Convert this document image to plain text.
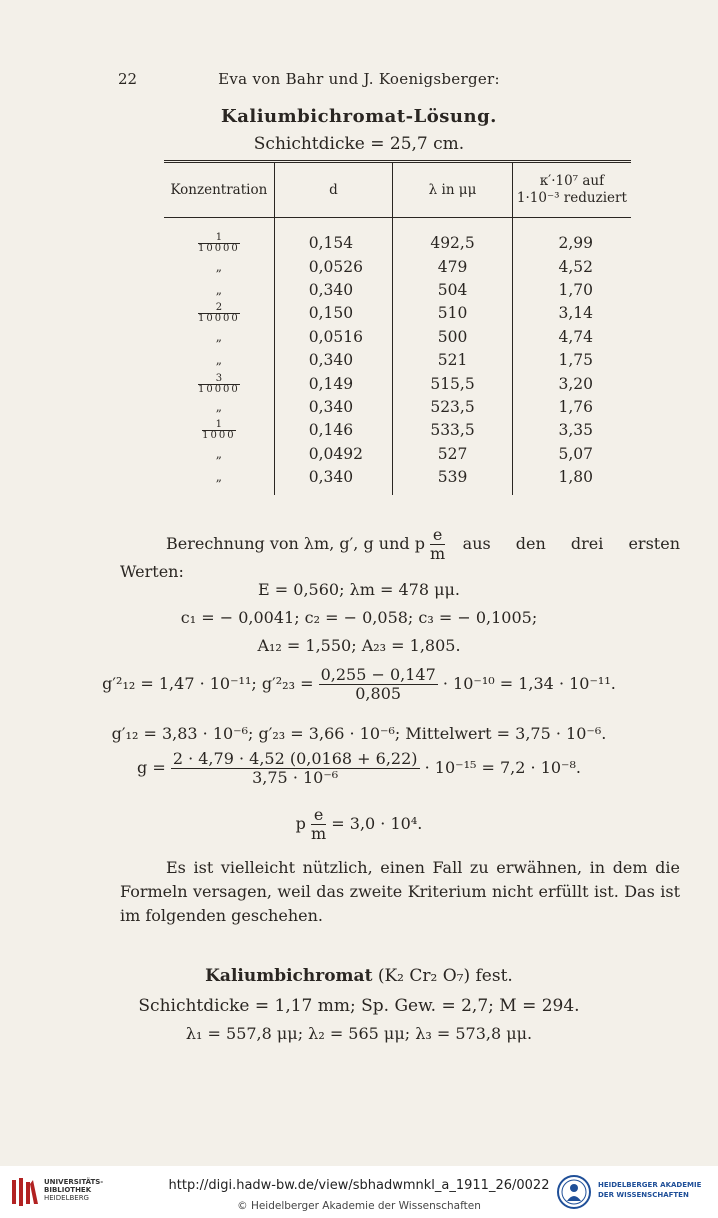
22	Eva von Bahr und J. Koenigsberger:
Kaliumbichromat-Lösung.
Schichtdicke = 25,7 cm.
Konzentration	d	λ in μμ	κ′·10⁷ auf
1·10⁻³ reduziert

$\frac{1}{10000}$	0,154	492,5	2,99
„	0,0526	479	4,52
„	0,340	504	1,70

$\frac{2}{10000}$	0,150	510	3,14
„	0,0516	500	4,74
„	0,340	521	1,75

$\frac{3}{10000}$	0,149	515,5	3,20
„	0,340	523,5	1,76

$\frac{1}{1000}$	0,146	533,5	3,35
„	0,0492	527	5,07
„	0,340	539	1,80
Berechnung von λm, g′, g und p $\frac{e}{m}$ aus den drei ersten
Werten:
E = 0,560; λm = 478 μμ.
c₁ = − 0,0041; c₂ = − 0,058; c₃ = − 0,1005;
A₁₂ = 1,550; A₂₃ = 1,805.
g′²₁₂ = 1,47 · 10⁻¹¹; $g'^2_{23} = \frac{0,255 - 0,147}{0,805} \cdot 10^{-10} = 1,34 \cdot 10^{-11}$.
g′₁₂ = 3,83 · 10⁻⁶; g′₂₃ = 3,66 · 10⁻⁶; Mittelwert = 3,75 · 10⁻⁶.
$g = \frac{2 \cdot 4,79 \cdot 4,52 (0,0168 + 6,22)}{\text{3,75 · 10⁻⁶}} \cdot 10^{-15} = 7,2 \cdot 10^{-8}$.
p $\frac{e}{m} = 3,0 \cdot 10^4$.
Es ist vielleicht nützlich, einen Fall zu erwähnen, in dem die Formeln versagen, weil das zweite Kriterium nicht erfüllt ist. Das ist im folgenden geschehen.
Kaliumbichromat (K₂ Cr₂ O₇) fest.
Schichtdicke = 1,17 mm; Sp. Gew. = 2,7; M = 294.
λ₁ = 557,8 μμ; λ₂ = 565 μμ; λ₃ = 573,8 μμ.
UNIVERSITÄTS-
BIBLIOTHEK
HEIDELBERG
http://digi.hadw-bw.de/view/sbhadwmnkl_a_1911_26/0022
© Heidelberger Akademie der Wissenschaften
HEIDELBERGER AKADEMIE
DER WISSENSCHAFTEN
